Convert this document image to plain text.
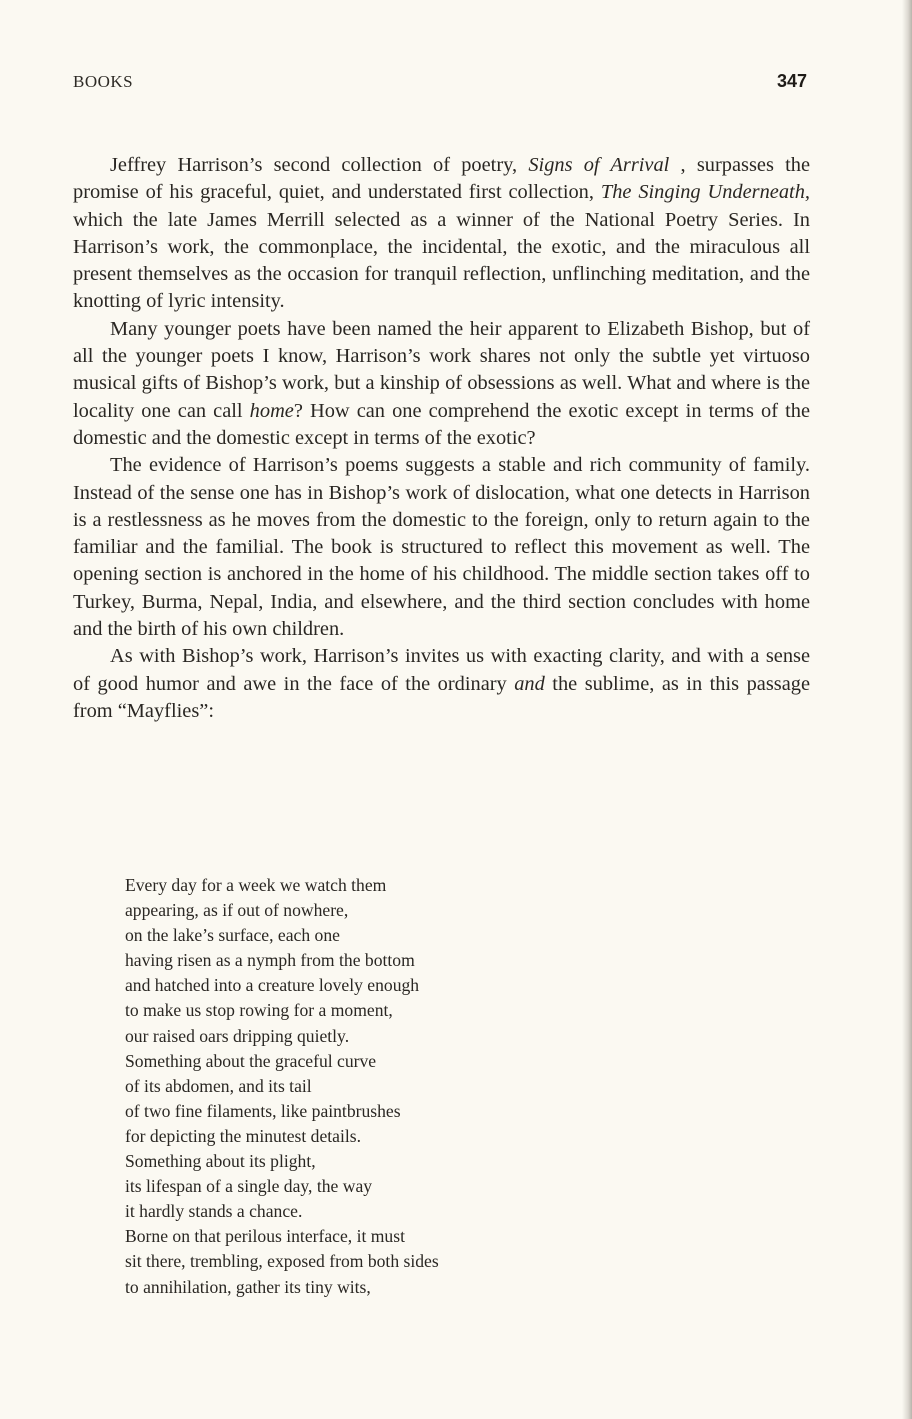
BOOKS	347

Jeffrey Harrison’s second collection of poetry, Signs of Arrival , surpasses the promise of his graceful, quiet, and understated first collection, The Singing Underneath, which the late James Merrill selected as a winner of the National Poetry Series. In Harrison’s work, the commonplace, the incidental, the exotic, and the miraculous all present themselves as the occasion for tranquil reflection, unflinching meditation, and the knotting of lyric intensity.

Many younger poets have been named the heir apparent to Elizabeth Bishop, but of all the younger poets I know, Harrison’s work shares not only the subtle yet virtuoso musical gifts of Bishop’s work, but a kinship of obsessions as well. What and where is the locality one can call home? How can one comprehend the exotic except in terms of the domestic and the domestic except in terms of the exotic?

The evidence of Harrison’s poems suggests a stable and rich community of family. Instead of the sense one has in Bishop’s work of dislocation, what one detects in Harrison is a restlessness as he moves from the domestic to the foreign, only to return again to the familiar and the familial. The book is structured to reflect this movement as well. The opening section is anchored in the home of his childhood. The middle section takes off to Turkey, Burma, Nepal, India, and elsewhere, and the third section concludes with home and the birth of his own children.

As with Bishop’s work, Harrison’s invites us with exacting clarity, and with a sense of good humor and awe in the face of the ordinary and the sublime, as in this passage from “Mayflies”:

Every day for a week we watch them
appearing, as if out of nowhere,
on the lake’s surface, each one
having risen as a nymph from the bottom
and hatched into a creature lovely enough
to make us stop rowing for a moment,
our raised oars dripping quietly.
Something about the graceful curve
of its abdomen, and its tail
of two fine filaments, like paintbrushes
for depicting the minutest details.
Something about its plight,
its lifespan of a single day, the way
it hardly stands a chance.
Borne on that perilous interface, it must
sit there, trembling, exposed from both sides
to annihilation, gather its tiny wits,
